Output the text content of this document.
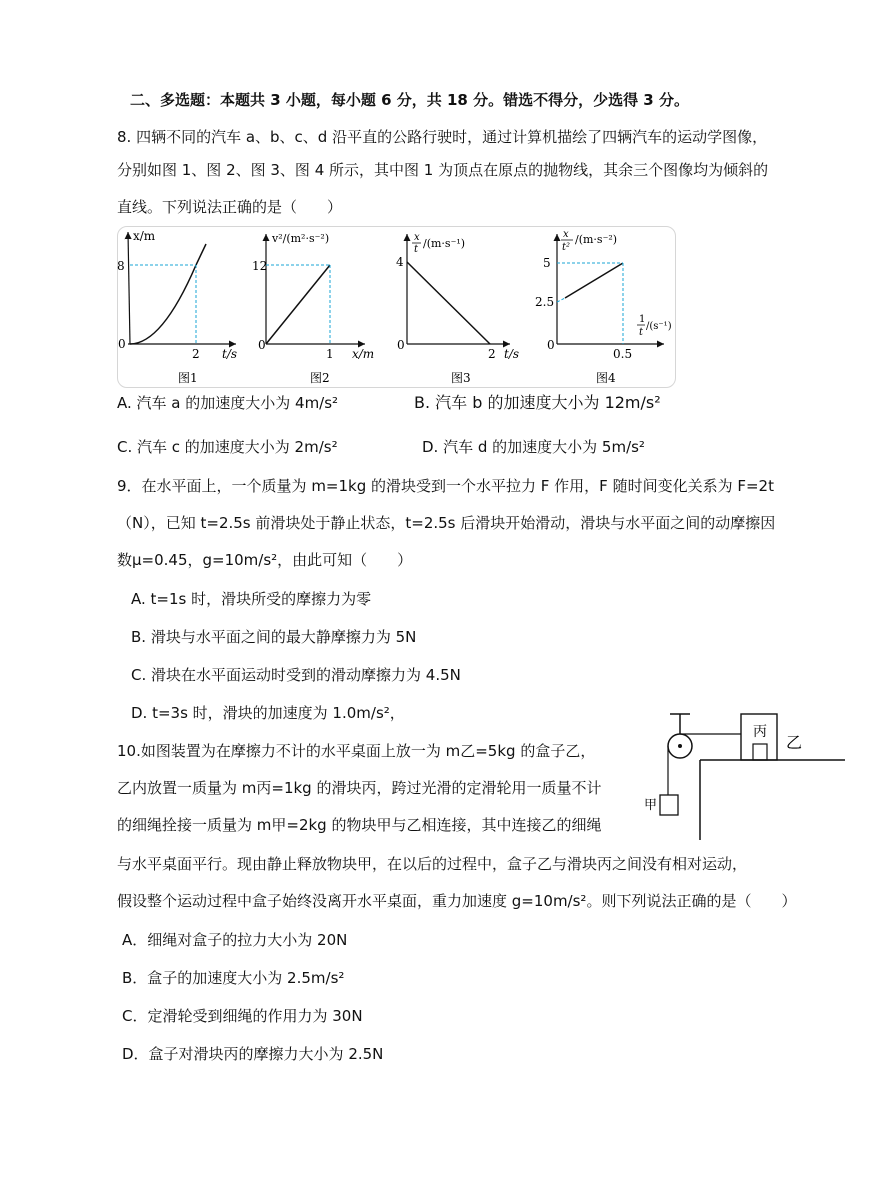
二、多选题：本题共 3 小题，每小题 6 分，共 18 分。错选不得分，少选得 3 分。
8. 四辆不同的汽车 a、b、c、d 沿平直的公路行驶时，通过计算机描绘了四辆汽车的运动学图像，
分别如图 1、图 2、图 3、图 4 所示，其中图 1 为顶点在原点的抛物线，其余三个图像均为倾斜的
直线。下列说法正确的是（　　）
x/m
8
0
2 t/s
图1
v²/(m²·s⁻²)
12
0
1 x/m
图2
x
t /(m·s⁻¹)
4
0
2 t/s
图3
x
t²
/(m·s⁻²)
5
2.5
0
0.5
1
t
/(s⁻¹)
图4
甲
丙
乙
A. 汽车 a 的加速度大小为 4m/s²	B. 汽车 b 的加速度大小为 12m/s²
C. 汽车 c 的加速度大小为 2m/s²	D. 汽车 d 的加速度大小为 5m/s²
9．在水平面上，一个质量为 m=1kg 的滑块受到一个水平拉力 F 作用，F 随时间变化关系为 F=2t
（N），已知 t=2.5s 前滑块处于静止状态，t=2.5s 后滑块开始滑动，滑块与水平面之间的动摩擦因
数μ=0.45，g=10m/s²，由此可知（　　）
A. t=1s 时，滑块所受的摩擦力为零
B. 滑块与水平面之间的最大静摩擦力为 5N
C. 滑块在水平面运动时受到的滑动摩擦力为 4.5N
D. t=3s 时，滑块的加速度为 1.0m/s²，
10.如图装置为在摩擦力不计的水平桌面上放一为 m乙=5kg 的盒子乙，
乙内放置一质量为 m丙=1kg 的滑块丙，跨过光滑的定滑轮用一质量不计
的细绳拴接一质量为 m甲=2kg 的物块甲与乙相连接，其中连接乙的细绳
与水平桌面平行。现由静止释放物块甲，在以后的过程中，盒子乙与滑块丙之间没有相对运动，
假设整个运动过程中盒子始终没离开水平桌面，重力加速度 g=10m/s²。则下列说法正确的是（　　）
A．细绳对盒子的拉力大小为 20N
B．盒子的加速度大小为 2.5m/s²
C．定滑轮受到细绳的作用力为 30N
D．盒子对滑块丙的摩擦力大小为 2.5N
